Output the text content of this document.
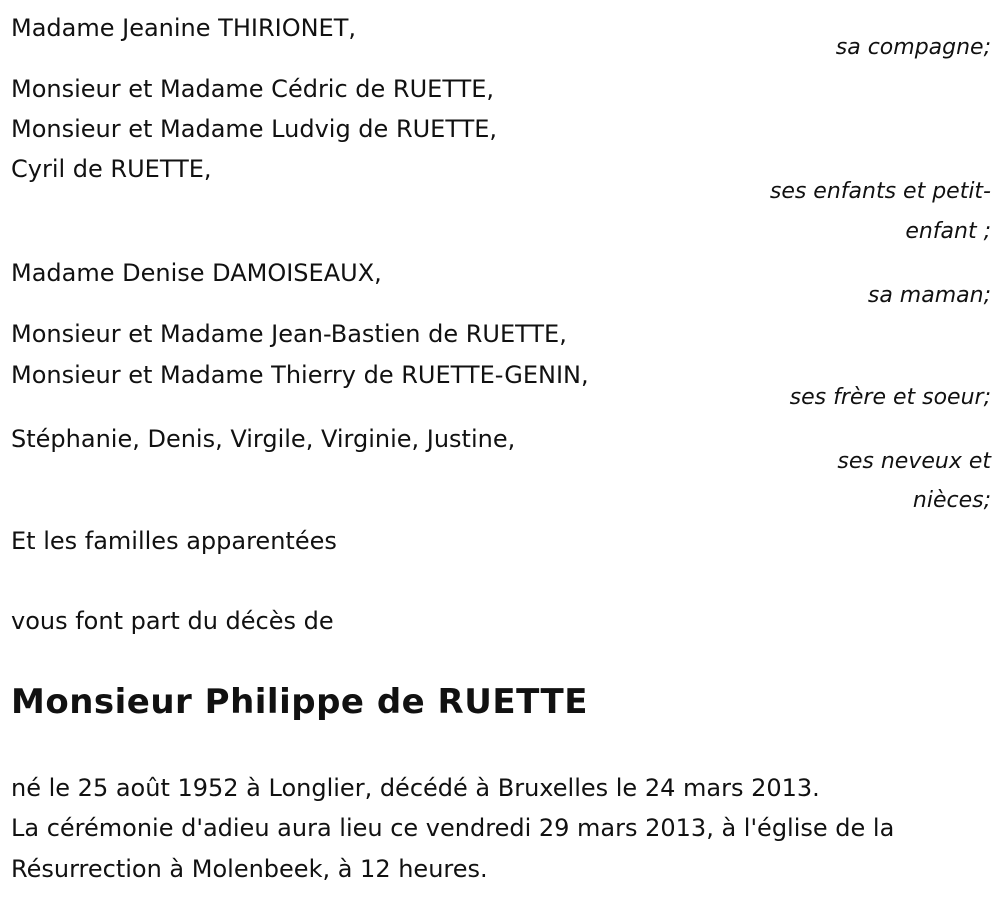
Madame Jeanine THIRIONET,
sa compagne;
Monsieur et Madame Cédric de RUETTE,
Monsieur et Madame Ludvig de RUETTE,
Cyril de RUETTE,
ses enfants et petit-
enfant ;
Madame Denise DAMOISEAUX,
sa maman;
Monsieur et Madame Jean-Bastien de RUETTE,
Monsieur et Madame Thierry de RUETTE-GENIN,
ses frère et soeur;
Stéphanie, Denis, Virgile, Virginie, Justine,
ses neveux et
nièces;
Et les familles apparentées
vous font part du décès de
Monsieur Philippe de RUETTE
né le 25 août 1952 à Longlier, décédé à Bruxelles le 24 mars 2013.
La cérémonie d'adieu aura lieu ce vendredi 29 mars 2013, à l'église de la Résurrection à Molenbeek, à 12 heures.
